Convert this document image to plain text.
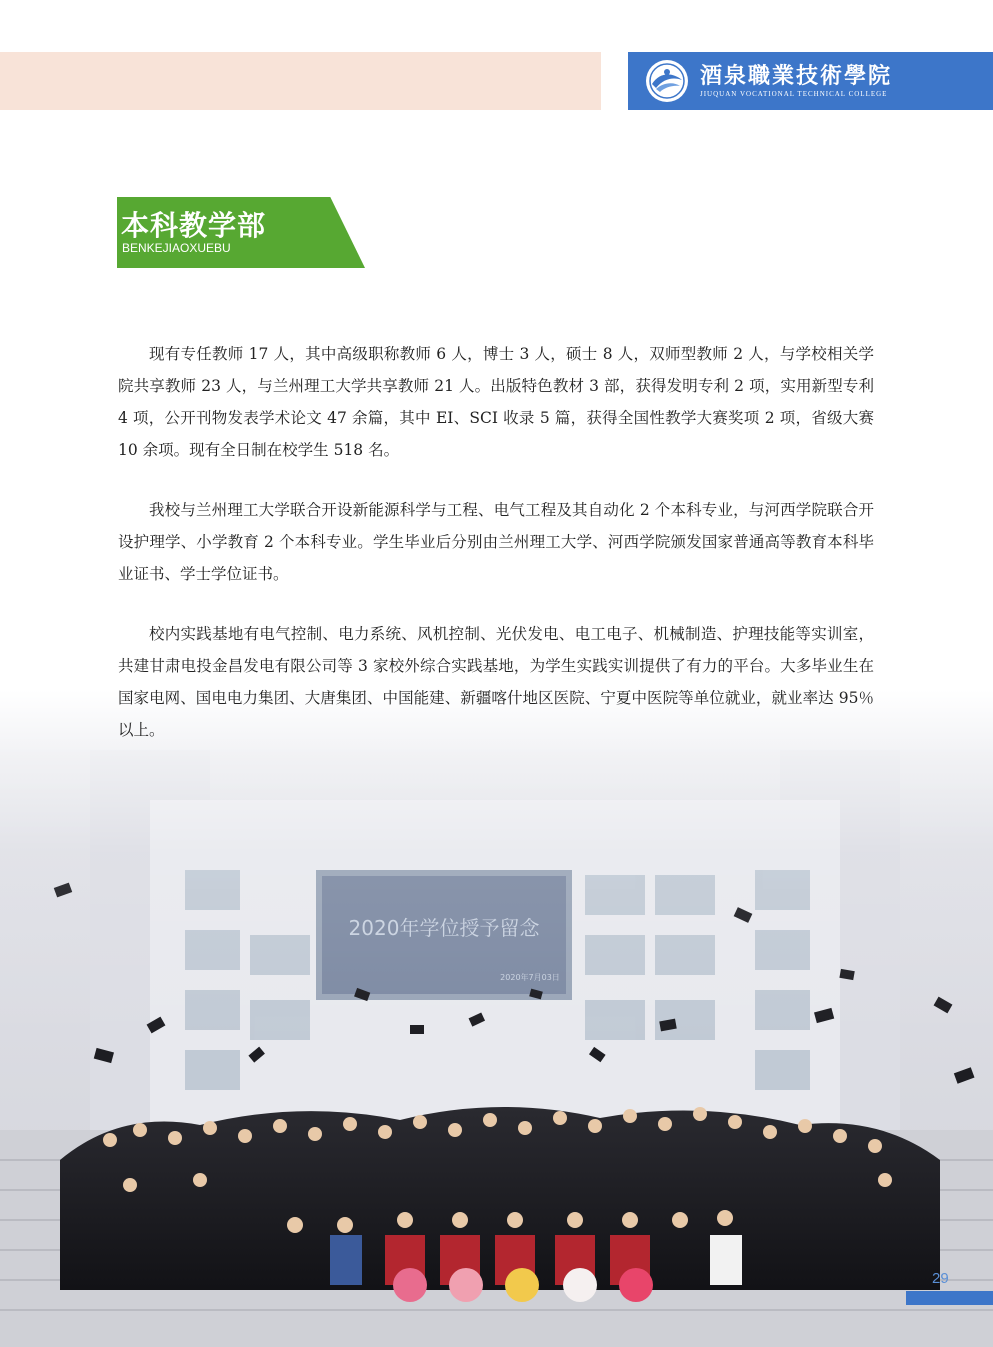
酒泉職業技術學院
JIUQUAN VOCATIONAL TECHNICAL COLLEGE
本科教学部
BENKEJIAOXUEBU

现有专任教师 17 人，其中高级职称教师 6 人，博士 3 人，硕士 8 人，双师型教师 2 人，与学校相关学院共享教师 23 人，与兰州理工大学共享教师 21 人。出版特色教材 3 部，获得发明专利 2 项，实用新型专利 4 项，公开刊物发表学术论文 47 余篇，其中 EI、SCI 收录 5 篇，获得全国性教学大赛奖项 2 项，省级大赛 10 余项。现有全日制在校学生 518 名。

我校与兰州理工大学联合开设新能源科学与工程、电气工程及其自动化 2 个本科专业，与河西学院联合开设护理学、小学教育 2 个本科专业。学生毕业后分别由兰州理工大学、河西学院颁发国家普通高等教育本科毕业证书、学士学位证书。

校内实践基地有电气控制、电力系统、风机控制、光伏发电、电工电子、机械制造、护理技能等实训室，共建甘肃电投金昌发电有限公司等 3 家校外综合实践基地，为学生实践实训提供了有力的平台。大多毕业生在国家电网、国电电力集团、大唐集团、中国能建、新疆喀什地区医院、宁夏中医院等单位就业，就业率达 95％以上。

29
